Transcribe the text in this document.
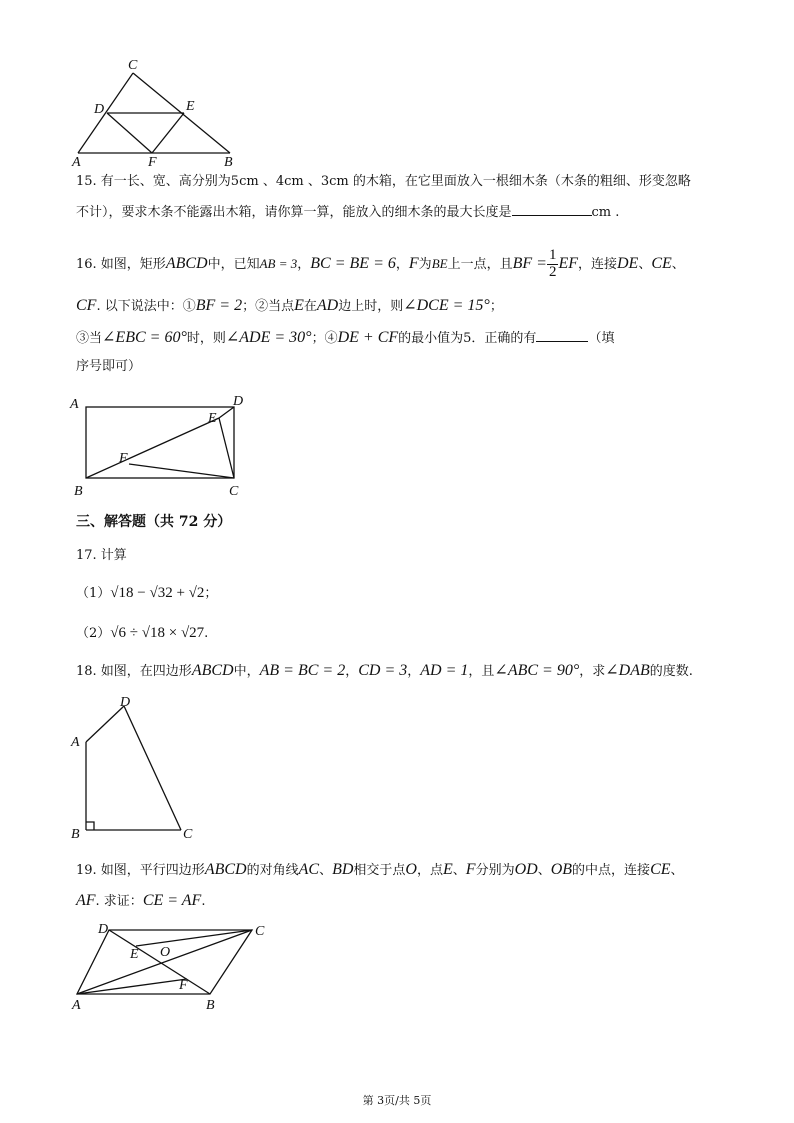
C
D	E
A	F	B
15. 有一长、宽、高分别为5cm 、4cm 、3cm 的木箱，在它里面放入一根细木条（木条的粗细、形变忽略
不计），要求木条不能露出木箱，请你算一算，能放入的细木条的最大长度是	cm .
16. 如图，矩形ABCD中，已知AB = 3，BC = BE = 6，F为BE上一点，且BF = $\frac{1}{2}$ EF，连接DE、CE、
CF. 以下说法中：①BF = 2；②当点E在AD边上时，则∠DCE = 15°；
③当∠EBC = 60°时，则∠ADE = 30°；④DE + CF的最小值为5．正确的有	（填
序号即可）
A	D
E
F
B	C
三、解答题（共 72 分）
17. 计算
（1）√18 − √32 + √2；
（2）√6 ÷ √18 × √27.
18. 如图，在四边形ABCD中，AB = BC = 2，CD = 3，AD = 1，且∠ABC = 90°，求∠DAB的度数.
D
A
B	C
19. 如图，平行四边形ABCD的对角线AC、BD相交于点O，点E、F分别为OD、OB的中点，连接CE、
AF. 求证：CE = AF.
D	C
E O
F
A	B
第 3页/共 5页
